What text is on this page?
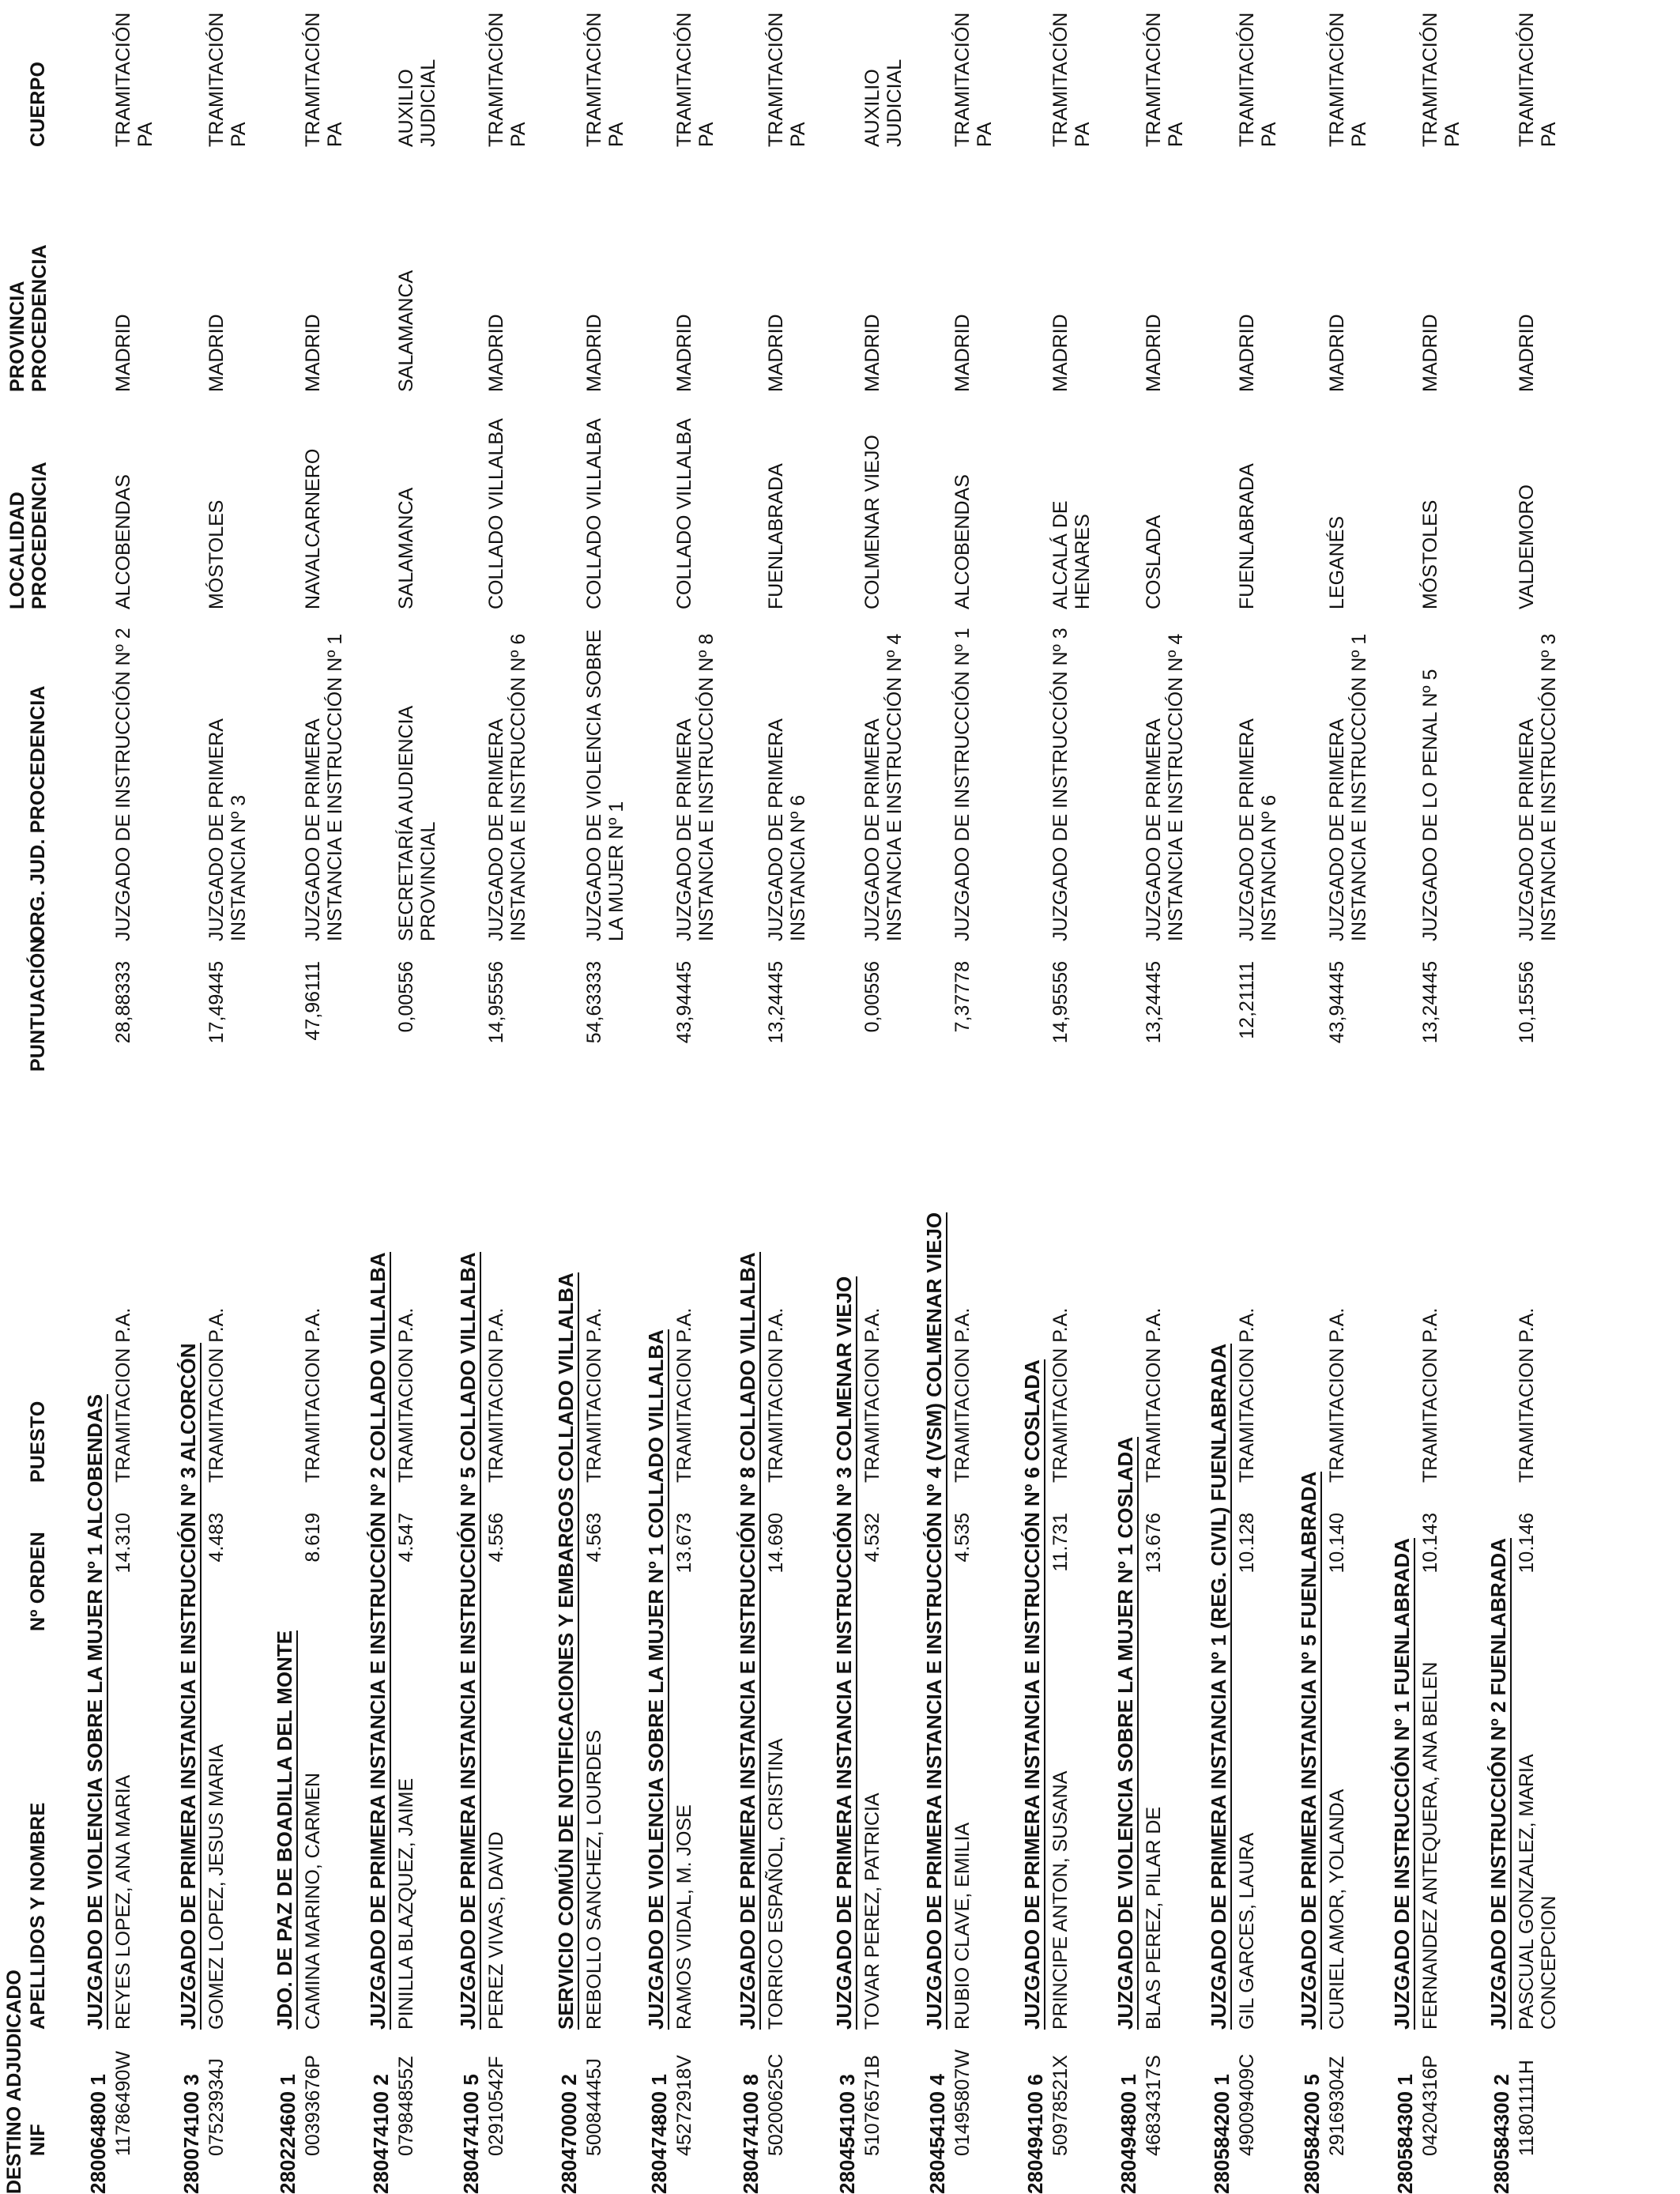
DESTINO ADJUDICADO NIF
APELLIDOS Y NOMBRE
Nº ORDEN
PUESTO
PUNTUACIÓN
ORG. JUD. PROCEDENCIA
LOCALIDAD PROCEDENCIA
PROVINCIA PROCEDENCIA
CUERPO
280064800 1
JUZGADO DE VIOLENCIA SOBRE LA MUJER Nº 1 ALCOBENDAS
11786490W
REYES LOPEZ, ANA MARIA
14.310
TRAMITACION P.A.
28,88333
JUZGADO DE INSTRUCCIÓN Nº 2
ALCOBENDAS
MADRID
TRAMITACIÓN PA
280074100 3
JUZGADO DE PRIMERA INSTANCIA E INSTRUCCIÓN Nº 3 ALCORCÓN
07523934J
GOMEZ LOPEZ, JESUS MARIA
4.483
TRAMITACION P.A.
17,49445
JUZGADO DE PRIMERA INSTANCIA Nº 3
MÓSTOLES
MADRID
TRAMITACIÓN PA
280224600 1
JDO. DE PAZ DE BOADILLA DEL MONTE
00393676P
CAMINA MARINO, CARMEN
8.619
TRAMITACION P.A.
47,96111
JUZGADO DE PRIMERA INSTANCIA E INSTRUCCIÓN Nº 1
NAVALCARNERO
MADRID
TRAMITACIÓN PA
280474100 2
JUZGADO DE PRIMERA INSTANCIA E INSTRUCCIÓN Nº 2 COLLADO VILLALBA
07984855Z
PINILLA BLAZQUEZ, JAIME
4.547
TRAMITACION P.A.
0,00556
SECRETARÍA AUDIENCIA PROVINCIAL
SALAMANCA
SALAMANCA
AUXILIO JUDICIAL
280474100 5
JUZGADO DE PRIMERA INSTANCIA E INSTRUCCIÓN Nº 5 COLLADO VILLALBA
02910542F
PEREZ VIVAS, DAVID
4.556
TRAMITACION P.A.
14,95556
JUZGADO DE PRIMERA INSTANCIA E INSTRUCCIÓN Nº 6
COLLADO VILLALBA
MADRID
TRAMITACIÓN PA
280470000 2
SERVICIO COMÚN DE NOTIFICACIONES Y EMBARGOS COLLADO VILLALBA
50084445J
REBOLLO SANCHEZ, LOURDES
4.563
TRAMITACION P.A.
54,63333
JUZGADO DE VIOLENCIA SOBRE LA MUJER Nº 1
COLLADO VILLALBA
MADRID
TRAMITACIÓN PA
280474800 1
JUZGADO DE VIOLENCIA SOBRE LA MUJER Nº 1 COLLADO VILLALBA
45272918V
RAMOS VIDAL, M. JOSE
13.673
TRAMITACION P.A.
43,94445
JUZGADO DE PRIMERA INSTANCIA E INSTRUCCIÓN Nº 8
COLLADO VILLALBA
MADRID
TRAMITACIÓN PA
280474100 8
JUZGADO DE PRIMERA INSTANCIA E INSTRUCCIÓN Nº 8 COLLADO VILLALBA
50200625C
TORRICO ESPAÑOL, CRISTINA
14.690
TRAMITACION P.A.
13,24445
JUZGADO DE PRIMERA INSTANCIA Nº 6
FUENLABRADA
MADRID
TRAMITACIÓN PA
280454100 3
JUZGADO DE PRIMERA INSTANCIA E INSTRUCCIÓN Nº 3 COLMENAR VIEJO
51076571B
TOVAR PEREZ, PATRICIA
4.532
TRAMITACION P.A.
0,00556
JUZGADO DE PRIMERA INSTANCIA E INSTRUCCIÓN Nº 4
COLMENAR VIEJO
MADRID
AUXILIO JUDICIAL
280454100 4
JUZGADO DE PRIMERA INSTANCIA E INSTRUCCIÓN Nº 4 (VSM) COLMENAR VIEJO
01495807W
RUBIO CLAVE, EMILIA
4.535
TRAMITACION P.A.
7,37778
JUZGADO DE INSTRUCCIÓN Nº 1
ALCOBENDAS
MADRID
TRAMITACIÓN PA
280494100 6
JUZGADO DE PRIMERA INSTANCIA E INSTRUCCIÓN Nº 6 COSLADA
50978521X
PRINCIPE ANTON, SUSANA
11.731
TRAMITACION P.A.
14,95556
JUZGADO DE INSTRUCCIÓN Nº 3
ALCALÁ DE HENARES
MADRID
TRAMITACIÓN PA
280494800 1
JUZGADO DE VIOLENCIA SOBRE LA MUJER Nº 1 COSLADA
46834317S
BLAS PEREZ, PILAR DE
13.676
TRAMITACION P.A.
13,24445
JUZGADO DE PRIMERA INSTANCIA E INSTRUCCIÓN Nº 4
COSLADA
MADRID
TRAMITACIÓN PA
280584200 1
JUZGADO DE PRIMERA INSTANCIA Nº 1 (REG. CIVIL) FUENLABRADA
49009409C
GIL GARCES, LAURA
10.128
TRAMITACION P.A.
12,21111
JUZGADO DE PRIMERA INSTANCIA Nº 6
FUENLABRADA
MADRID
TRAMITACIÓN PA
280584200 5
JUZGADO DE PRIMERA INSTANCIA Nº 5 FUENLABRADA
29169304Z
CURIEL AMOR, YOLANDA
10.140
TRAMITACION P.A.
43,94445
JUZGADO DE PRIMERA INSTANCIA E INSTRUCCIÓN Nº 1
LEGANÉS
MADRID
TRAMITACIÓN PA
280584300 1
JUZGADO DE INSTRUCCIÓN Nº 1 FUENLABRADA
04204316P
FERNANDEZ ANTEQUERA, ANA BELEN
10.143
TRAMITACION P.A.
13,24445
JUZGADO DE LO PENAL Nº 5
MÓSTOLES
MADRID
TRAMITACIÓN PA
280584300 2
JUZGADO DE INSTRUCCIÓN Nº 2 FUENLABRADA
11801111H
PASCUAL GONZALEZ, MARIA CONCEPCION
10.146
TRAMITACION P.A.
10,15556
JUZGADO DE PRIMERA INSTANCIA E INSTRUCCIÓN Nº 3
VALDEMORO
MADRID
TRAMITACIÓN PA
